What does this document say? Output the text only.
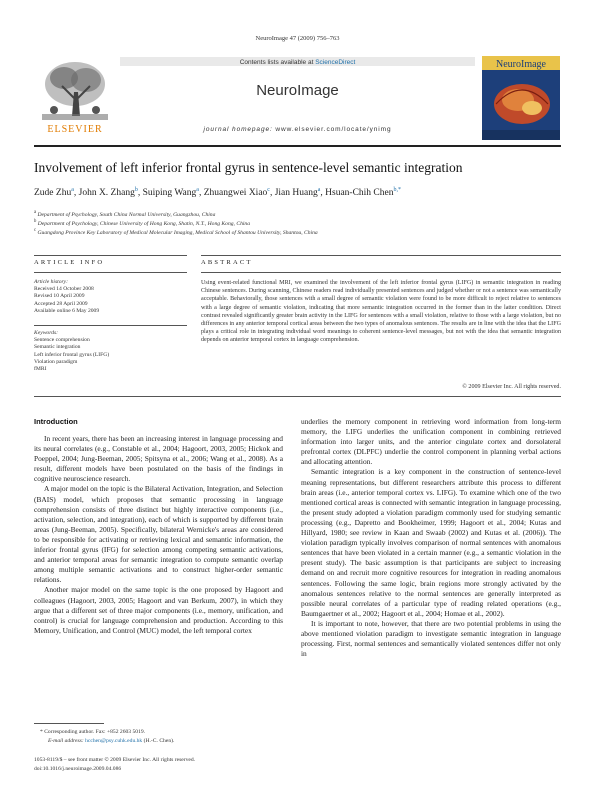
NeuroImage 47 (2009) 756–763
ELSEVIER
Contents lists available at ScienceDirect
NeuroImage
journal homepage: www.elsevier.com/locate/ynimg
NeuroImage
Involvement of left inferior frontal gyrus in sentence-level semantic integration
Zude Zhu$^a$, John X. Zhang$^b$, Suiping Wang$^a$, Zhuangwei Xiao$^c$, Jian Huang$^a$, Hsuan-Chih Chen$^{b,*}$
$^a$ Department of Psychology, South China Normal University, Guangzhou, China
$^b$ Department of Psychology, Chinese University of Hong Kong, Shatin, N.T., Hong Kong, China
$^c$ Guangdong Province Key Laboratory of Medical Molecular Imaging, Medical School of Shantou University, Shantou, China
ARTICLE INFO	ABSTRACT
Article history:
Received 14 October 2008
Revised 10 April 2009
Accepted 28 April 2009
Available online 6 May 2009
Keywords:
Sentence comprehension
Semantic integration
Left inferior frontal gyrus (LIFG)
Violation paradigm
fMRI
Using event-related functional MRI, we examined the involvement of the left inferior frontal gyrus (LIFG) in semantic integration in reading Chinese sentences. During scanning, Chinese readers read individually presented sentences and judged whether or not a sentence was semantically acceptable. Behaviorally, those sentences with a small degree of semantic violation were found to be more difficult to reject relative to sentences with a large degree of semantic violation, indicating that more semantic integration occurred in the former than in the latter condition. Direct contrast revealed significantly greater brain activity in the LIFG for sentences with a small violation, relative to those with a large violation, but no differences in any anterior temporal cortical areas between the two types of anomalous sentences. The results are in line with the idea that the LIFG plays a critical role in integrating individual word meanings to coherent sentence-level messages, but not with the idea that semantic integration depends on anterior temporal cortex in language comprehension.
© 2009 Elsevier Inc. All rights reserved.
Introduction

In recent years, there has been an increasing interest in language processing and its neural correlates (e.g., Constable et al., 2004; Hagoort, 2003, 2005; Hickok and Poeppel, 2004; Jung-Beeman, 2005; Spitsyna et al., 2006; Wang et al., 2008). As a result, different models have been postulated on the basis of the findings in cognitive neuroscience research.

A major model on the topic is the Bilateral Activation, Integration, and Selection (BAIS) model, which proposes that semantic processing in language comprehension consists of three distinct but highly interactive components (i.e., activation, selection, and integration), each of which is supported by different brain areas (Jung-Beeman, 2005). Specifically, bilateral Wernicke's areas are considered to be responsible for activating or retrieving lexical and semantic information, the inferior frontal gyrus (IFG) for selection among competing semantic activations, and anterior temporal areas for semantic integration to compute semantic overlap among multiple semantic activations and to construct higher-order semantic relations.

Another major model on the same topic is the one proposed by Hagoort and colleagues (Hagoort, 2003, 2005; Hagoort and van Berkum, 2007), in which they argue that a different set of three major components (i.e., memory, unification, and control) is crucial for language comprehension and production. According to this Memory, Unification, and Control (MUC) model, the left temporal cortex

underlies the memory component in retrieving word information from long-term memory, the LIFG underlies the unification component in combining retrieved information into larger units, and the anterior cingulate cortex and dorsolateral prefrontal cortex (DLPFC) underlie the control component in planning verbal actions and allocating attention.

Semantic integration is a key component in the construction of sentence-level meaning representations, but different researchers attribute this process to different brain areas (i.e., anterior temporal cortex vs. LIFG). To examine which one of the two mentioned cortical areas is connected with semantic integration in language processing, the present study adopted a violation paradigm commonly used for studying semantic processing (e.g., Dapretto and Bookheimer, 1999; Hagoort et al., 2004; Kutas and Hillyard, 1980; see review in Kaan and Swaab (2002) and Kutas et al. (2006)). The violation paradigm typically involves comparison of normal sentences with anomalous sentences that have been violated in a certain manner (e.g., a semantic violation in the present study). The basic assumption is that participants are subject to increasing demand on and recruit more cognitive resources for integration in reading anomalous sentences. Following the same logic, brain regions more strongly activated by the anomalous sentences relative to the normal sentences are generally interpreted as possible neural correlates of a particular type of reading related operations (e.g., Baumgaertner et al., 2002; Hagoort et al., 2004; Homae et al., 2002).

It is important to note, however, that there are two potential problems in using the above mentioned violation paradigm to investigate semantic integration in language processing. First, normal sentences and semantically violated sentences differ not only in

* Corresponding author. Fax: +852 2603 5019.
E-mail address: hcchen@psy.cuhk.edu.hk (H.-C. Chen).
1053-8119/$ – see front matter © 2009 Elsevier Inc. All rights reserved.
doi:10.1016/j.neuroimage.2009.04.086
